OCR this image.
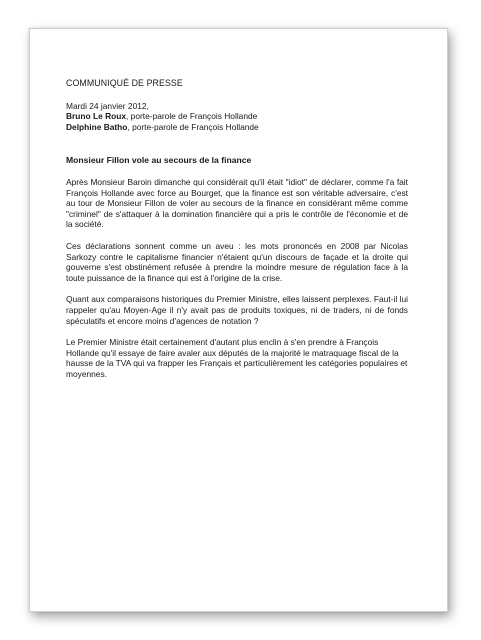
COMMUNIQUÉ DE PRESSE
Mardi 24 janvier 2012,
Bruno Le Roux, porte-parole de François Hollande
Delphine Batho, porte-parole de François Hollande
Monsieur Fillon vole au secours de la finance

Après Monsieur Baroin dimanche qui considérait qu'il était "idiot" de déclarer, comme l'a fait François Hollande avec force au Bourget, que la finance est son véritable adversaire, c'est au tour de Monsieur Fillon de voler au secours de la finance en considérant même comme "criminel" de s'attaquer à la domination financière qui a pris le contrôle de l'économie et de la société.

Ces déclarations sonnent comme un aveu : les mots prononcés en 2008 par Nicolas Sarkozy contre le capitalisme financier n'étaient qu'un discours de façade et la droite qui gouverne s'est obstinément refusée à prendre la moindre mesure de régulation face à la toute puissance de la finance qui est à l'origine de la crise.

Quant aux comparaisons historiques du Premier Ministre, elles laissent perplexes. Faut-il lui rappeler qu'au Moyen-Age il n'y avait pas de produits toxiques, ni de traders, ni de fonds spéculatifs et encore moins d'agences de notation ?

Le Premier Ministre était certainement d'autant plus enclin à s'en prendre à François Hollande qu'il essaye de faire avaler aux députés de la majorité le matraquage fiscal de la hausse de la TVA qui va frapper les Français et particulièrement les catégories populaires et moyennes.
